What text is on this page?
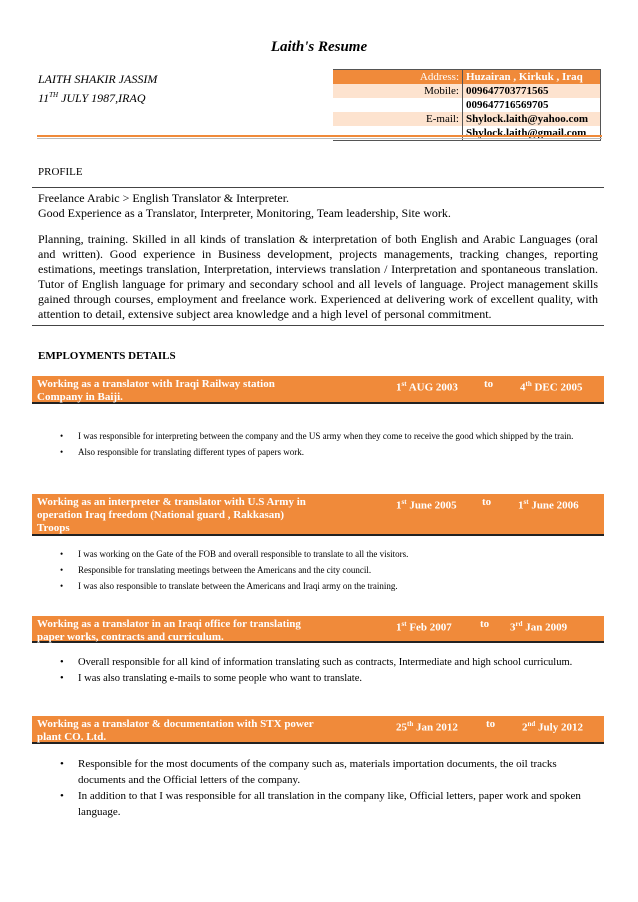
Laith's Resume
LAITH SHAKIR JASSIM
11TH JULY 1987,IRAQ
Address:	Huzairan , Kirkuk , Iraq
Mobile:	009647703771565
	009647716569705
E-mail:	Shylock.laith@yahoo.com
	Shylock.laith@gmail.com
PROFILE
Freelance Arabic > English Translator & Interpreter.
Good Experience as a Translator, Interpreter, Monitoring, Team leadership, Site work.
Planning, training. Skilled in all kinds of translation & interpretation of both English and Arabic Languages (oral and written). Good experience in Business development, projects managements, tracking changes, reporting estimations, meetings translation, Interpretation, interviews translation / Interpretation and spontaneous translation. Tutor of English language for primary and secondary school and all levels of language. Project management skills gained through courses, employment and freelance work. Experienced at delivering work of excellent quality, with attention to detail, extensive subject area knowledge and a high level of personal commitment.
EMPLOYMENTS DETAILS
Working as a translator with Iraqi Railway station Company in Baiji.
1st AUG 2003 to 4th DEC 2005
• I was responsible for interpreting between the company and the US army when they come to receive the good which shipped by the train.
• Also responsible for translating different types of papers work.
Working as an interpreter & translator with U.S Army in operation Iraq freedom (National guard , Rakkasan) Troops
1st June 2005 to 1st June 2006
• I was working on the Gate of the FOB and overall responsible to translate to all the visitors.
• Responsible for translating meetings between the Americans and the city council.
• I was also responsible to translate between the Americans and Iraqi army on the training.
Working as a translator in an Iraqi office for translating paper works, contracts and curriculum.
1st Feb 2007	to 3rd Jan 2009
• Overall responsible for all kind of information translating such as contracts, Intermediate and high school curriculum.
• I was also translating e-mails to some people who want to translate.
Working as a translator & documentation with STX power plant CO. Ltd.
25th Jan 2012	to 2nd July 2012
• Responsible for the most documents of the company such as, materials importation documents, the oil tracks documents and the Official letters of the company.
• In addition to that I was responsible for all translation in the company like, Official letters, paper work and spoken language.
